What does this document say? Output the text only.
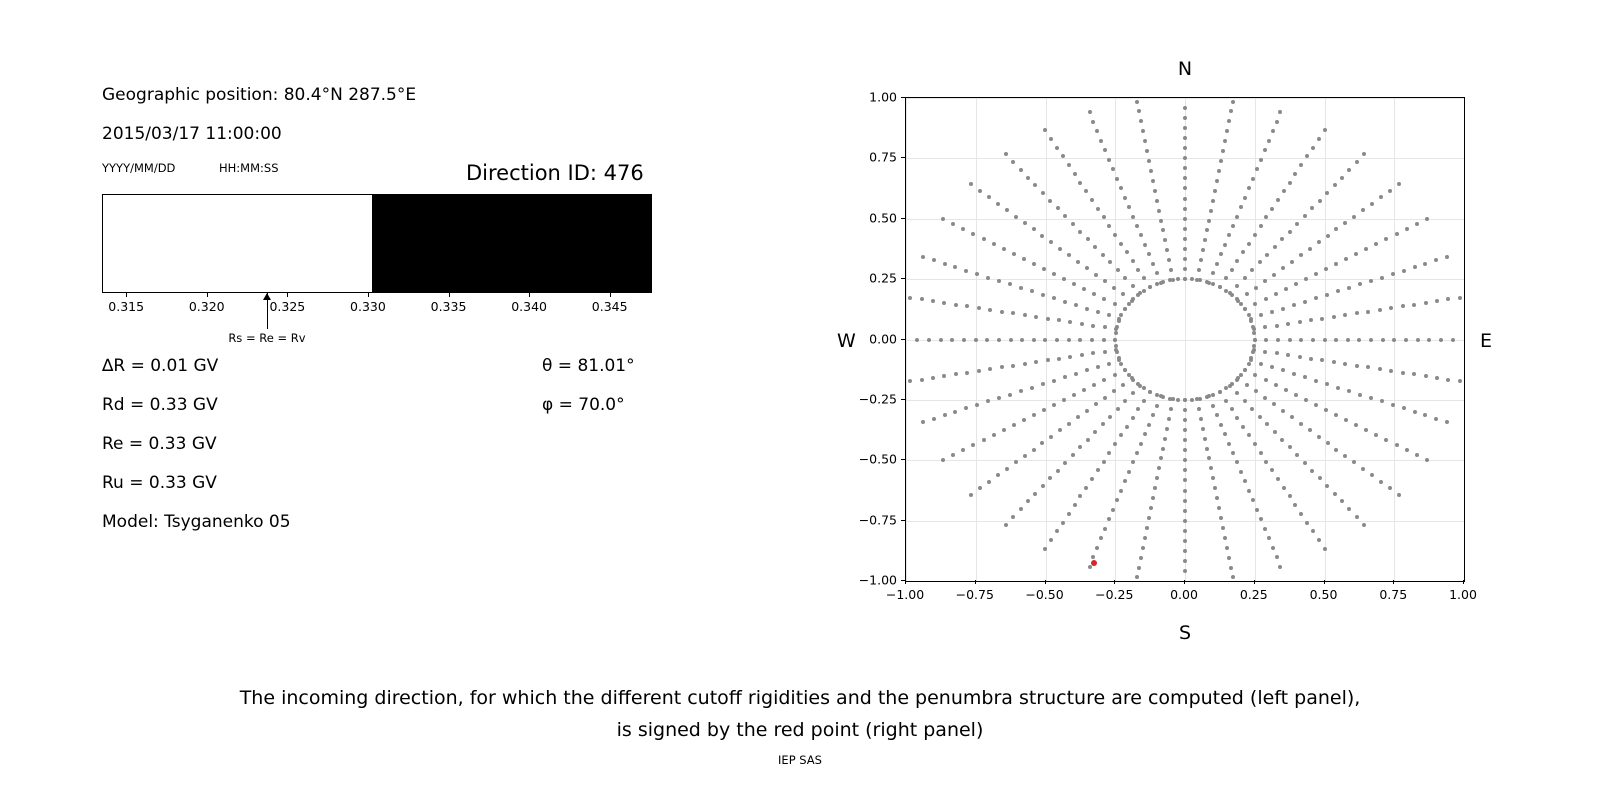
Geographic position: 80.4°N 287.5°E
2015/03/17 11:00:00
YYYY/MM/DD	HH:MM:SS	Direction ID: 476
0.315	0.320	0.325	0.330	0.335	0.340	0.345
Rs = Re = Rv
∆R = 0.01 GV
Rd = 0.33 GV
Re = 0.33 GV
Ru = 0.33 GV
Model: Tsyganenko 05
θ = 81.01°
φ = 70.0°
N
S
W	E
−1.00	−0.75	−0.50	−0.25	0.00	0.25	0.50	0.75	1.00
−1.00
−0.75
−0.50
−0.25
0.00
0.25
0.50
0.75
1.00
The incoming direction, for which the different cutoff rigidities and the penumbra structure are computed (left panel),
is signed by the red point (right panel)
IEP SAS
